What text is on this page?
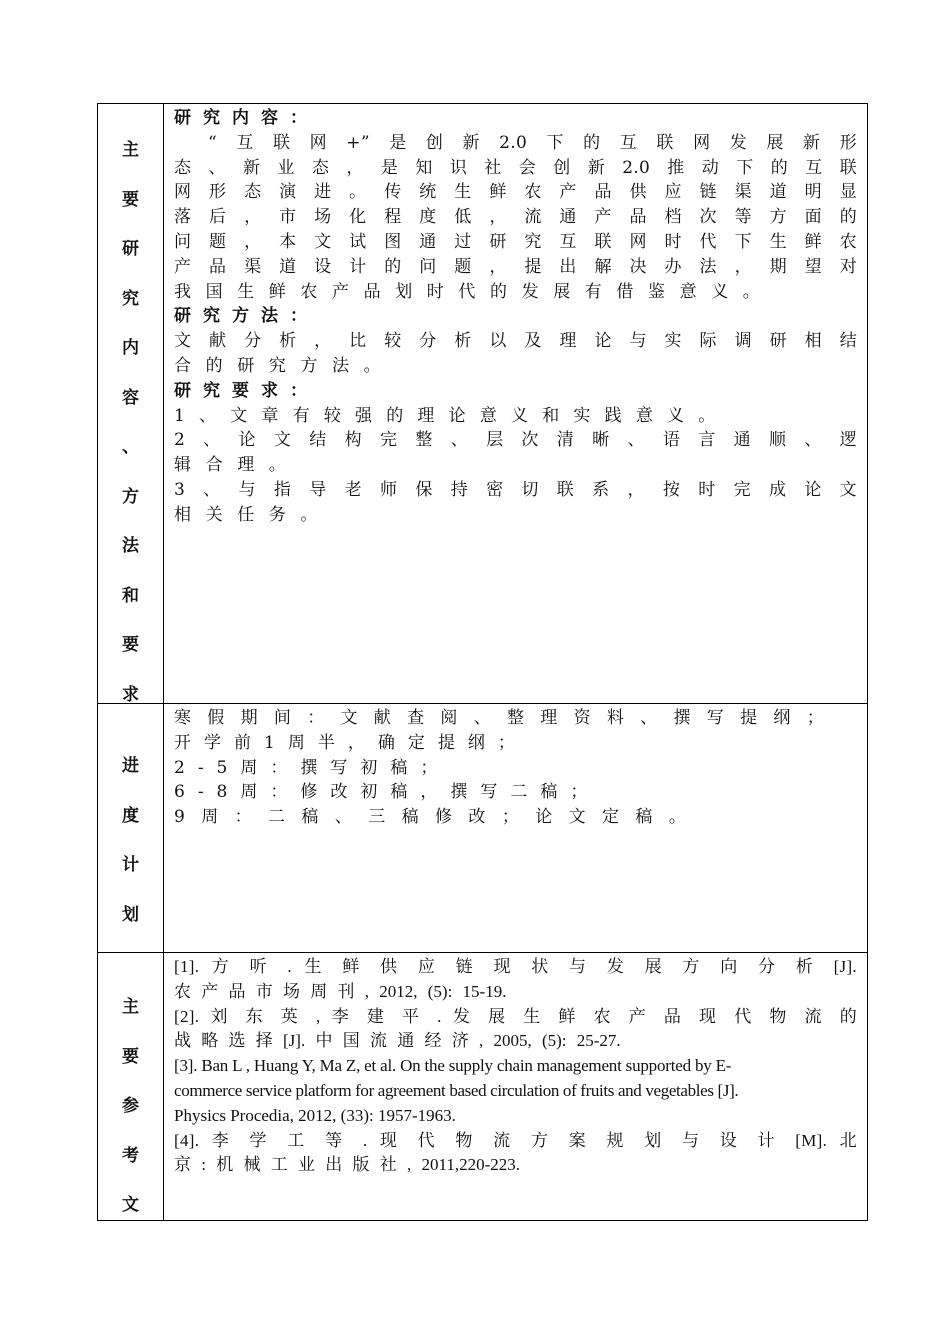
主
要
研
究
内
容
、
方
法
和
要
求
研究内容：
“互联网+”是创新2.0下的互联网发展新形
态、新业态，是知识社会创新2.0推动下的互联
网形态演进。传统生鲜农产品供应链渠道明显
落后，市场化程度低，流通产品档次等方面的
问题，本文试图通过研究互联网时代下生鲜农
产品渠道设计的问题，提出解决办法，期望对
我国生鲜农产品划时代的发展有借鉴意义。
研究方法：
文献分析，比较分析以及理论与实际调研相结
合的研究方法。
研究要求：
1、文章有较强的理论意义和实践意义。
2、论文结构完整、层次清晰、语言通顺、逻
辑合理。
3、与指导老师保持密切联系，按时完成论文
相关任务。
进
度
计
划
寒假期间：文献查阅、整理资料、撰写提纲；
开学前1周半，确定提纲；
2-5周：撰写初稿；
6-8周：修改初稿，撰写二稿；
9周：二稿、三稿修改；论文定稿。
主
要
参
考
文
[1]. 方 听 . 生 鲜 供 应 链 现 状 与 发 展 方 向 分 析 [J].
农 产 品 市 场 周 刊 , 2012, (5): 15-19.
[2]. 刘 东 英 , 李 建 平 . 发 展 生 鲜 农 产 品 现 代 物 流 的
战 略 选 择 [J]. 中 国 流 通 经 济 , 2005, (5): 25-27.
[3]. Ban L , Huang Y, Ma Z, et al. On the supply chain management supported by E-
commerce service platform for agreement based circulation of fruits and vegetables [J].
Physics Procedia, 2012, (33): 1957-1963.
[4]. 李 学 工 等 . 现 代 物 流 方 案 规 划 与 设 计 [M]. 北
京 : 机 械 工 业 出 版 社 , 2011,220-223.
